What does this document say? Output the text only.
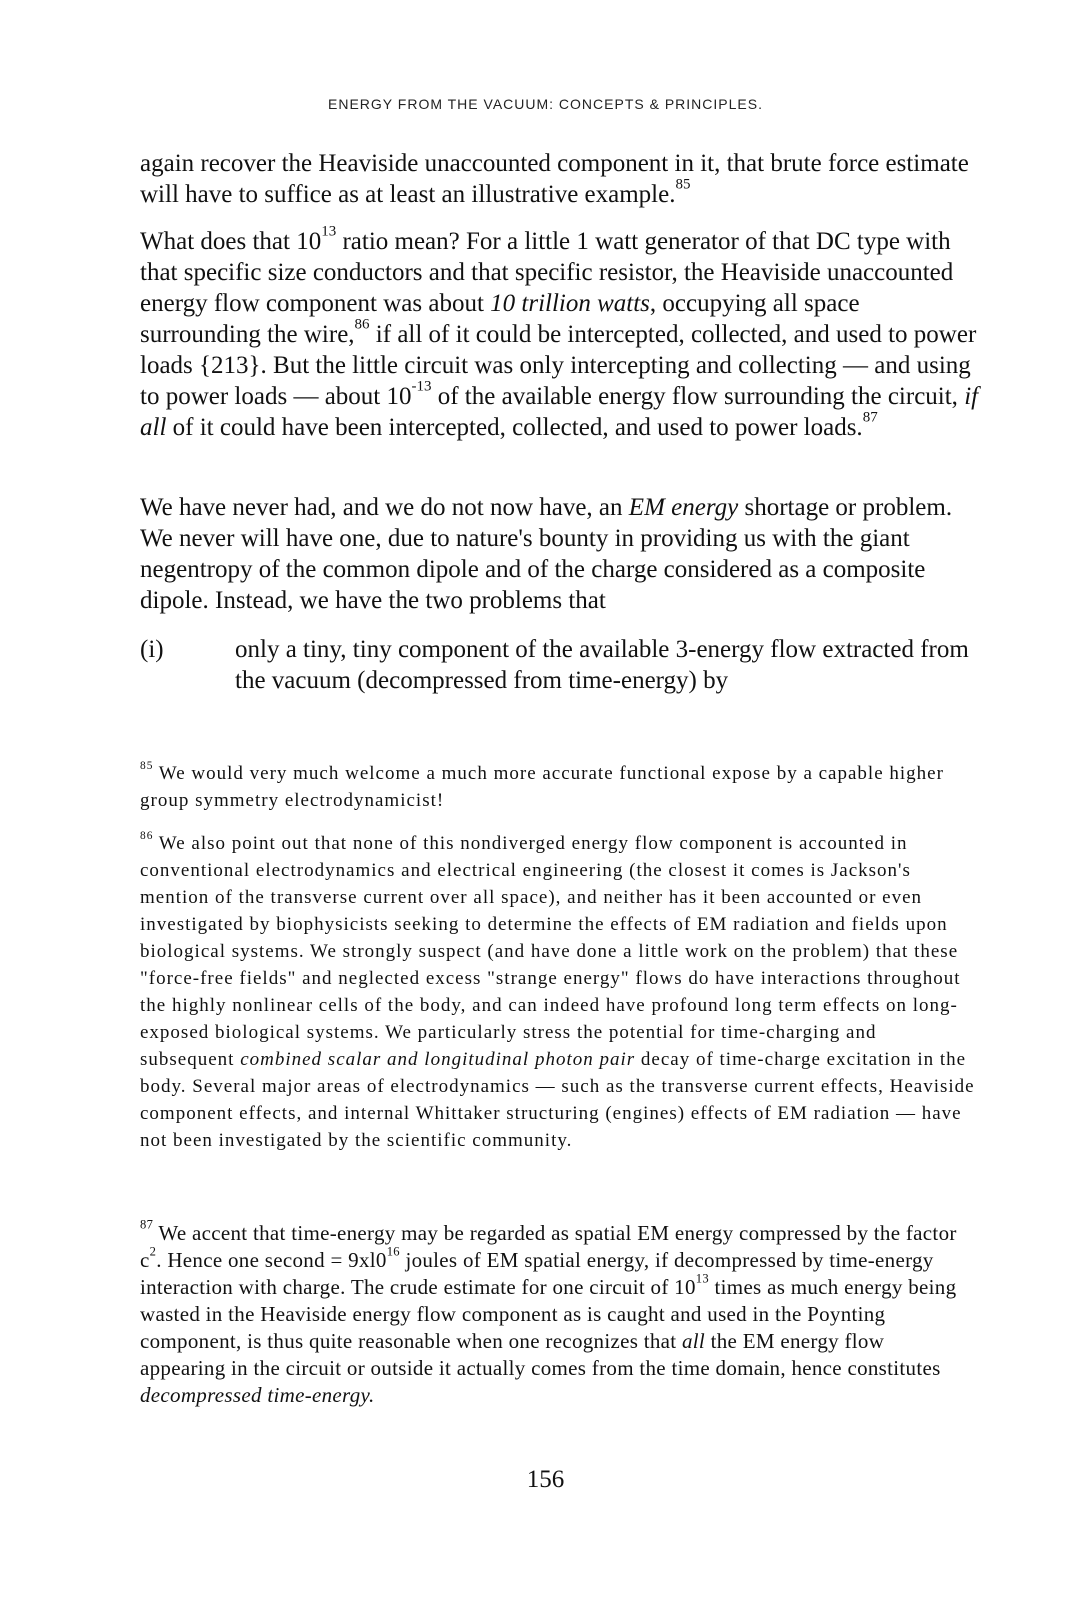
ENERGY FROM THE VACUUM: CONCEPTS & PRINCIPLES.

again recover the Heaviside unaccounted component in it, that brute force estimate will have to suffice as at least an illustrative example.$^{85}$

What does that $10^{13}$ ratio mean? For a little 1 watt generator of that DC type with that specific size conductors and that specific resistor, the Heaviside unaccounted energy flow component was about 10 trillion watts, occupying all space surrounding the wire,$^{86}$ if all of it could be intercepted, collected, and used to power loads {213}. But the little circuit was only intercepting and collecting — and using to power loads — about $10^{-13}$ of the available energy flow surrounding the circuit, if all of it could have been intercepted, collected, and used to power loads.$^{87}$

We have never had, and we do not now have, an EM energy shortage or problem. We never will have one, due to nature's bounty in providing us with the giant negentropy of the common dipole and of the charge considered as a composite dipole. Instead, we have the two problems that

(i)	only a tiny, tiny component of the available 3-energy flow extracted from the vacuum (decompressed from time-energy) by

$^{85}$ We would very much welcome a much more accurate functional expose by a capable higher group symmetry electrodynamicist!

$^{86}$ We also point out that none of this nondiverged energy flow component is accounted in conventional electrodynamics and electrical engineering (the closest it comes is Jackson's mention of the transverse current over all space), and neither has it been accounted or even investigated by biophysicists seeking to determine the effects of EM radiation and fields upon biological systems. We strongly suspect (and have done a little work on the problem) that these "force-free fields" and neglected excess "strange energy" flows do have interactions throughout the highly nonlinear cells of the body, and can indeed have profound long term effects on long-exposed biological systems. We particularly stress the potential for time-charging and subsequent combined scalar and longitudinal photon pair decay of time-charge excitation in the body. Several major areas of electrodynamics — such as the transverse current effects, Heaviside component effects, and internal Whittaker structuring (engines) effects of EM radiation — have not been investigated by the scientific community.

$^{87}$ We accent that time-energy may be regarded as spatial EM energy compressed by the factor $c^2$. Hence one second = $9xl0^{16}$ joules of EM spatial energy, if decompressed by time-energy interaction with charge. The crude estimate for one circuit of $10^{13}$ times as much energy being wasted in the Heaviside energy flow component as is caught and used in the Poynting component, is thus quite reasonable when one recognizes that all the EM energy flow appearing in the circuit or outside it actually comes from the time domain, hence constitutes decompressed time-energy.

156
